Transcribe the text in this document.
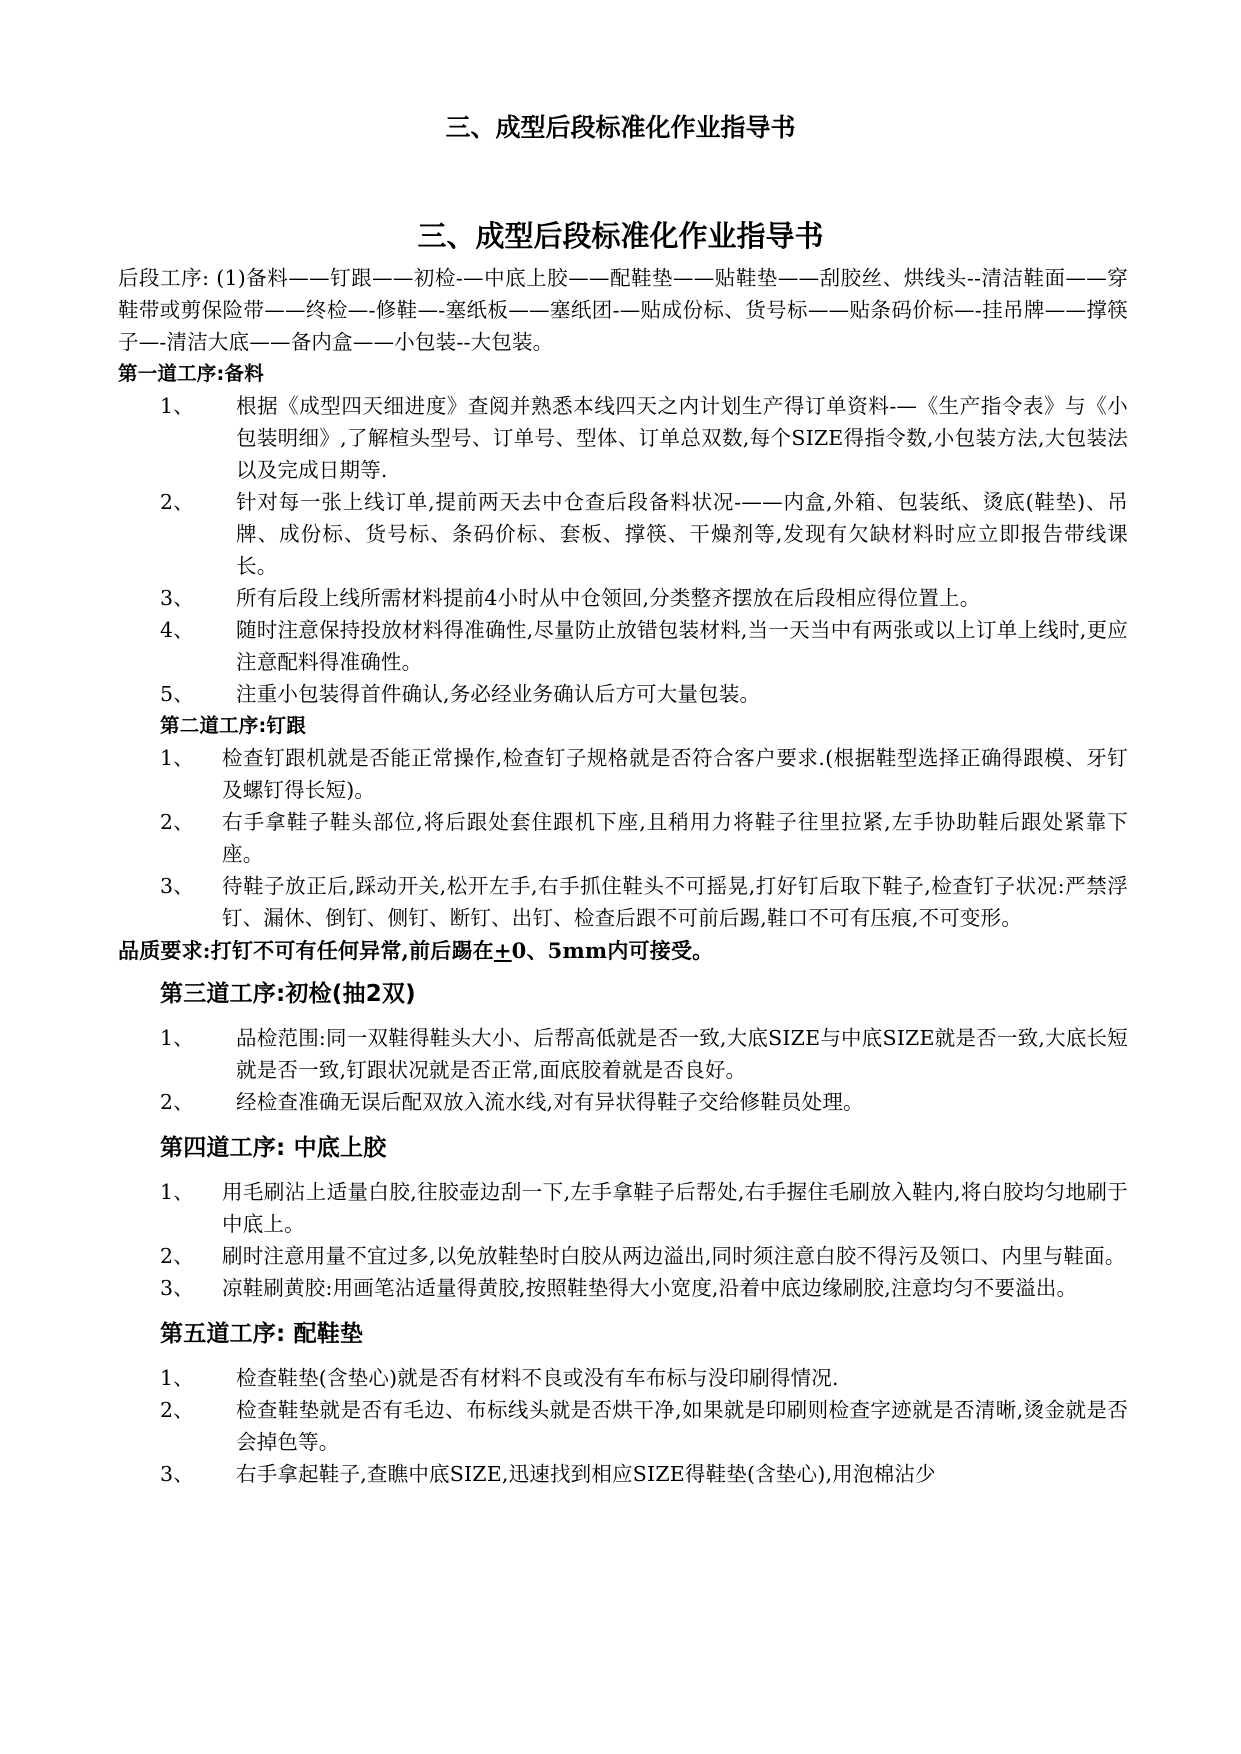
三、成型后段标准化作业指导书
三、成型后段标准化作业指导书
后段工序: (1)备料——钉跟——初检-—中底上胶——配鞋垫——贴鞋垫——刮胶丝、烘线头--清洁鞋面——穿鞋带或剪保险带——终检—-修鞋—-塞纸板——塞纸团-—贴成份标、货号标——贴条码价标—-挂吊牌——撑筷子—-清洁大底——备内盒——小包装--大包装。
第一道工序:备料
1、 根据《成型四天细进度》查阅并熟悉本线四天之内计划生产得订单资料-—《生产指令表》与《小包装明细》,了解楦头型号、订单号、型体、订单总双数,每个SIZE得指令数,小包装方法,大包装法以及完成日期等.
2、 针对每一张上线订单,提前两天去中仓查后段备料状况-——内盒,外箱、包装纸、烫底(鞋垫)、吊牌、成份标、货号标、条码价标、套板、撑筷、干燥剂等,发现有欠缺材料时应立即报告带线课长。
3、 所有后段上线所需材料提前4小时从中仓领回,分类整齐摆放在后段相应得位置上。
4、 随时注意保持投放材料得准确性,尽量防止放错包装材料,当一天当中有两张或以上订单上线时,更应注意配料得准确性。
5、 注重小包装得首件确认,务必经业务确认后方可大量包装。
第二道工序:钉跟
1、 检查钉跟机就是否能正常操作,检查钉子规格就是否符合客户要求.(根据鞋型选择正确得跟模、牙钉及螺钉得长短)。
2、 右手拿鞋子鞋头部位,将后跟处套住跟机下座,且稍用力将鞋子往里拉紧,左手协助鞋后跟处紧靠下座。
3、 待鞋子放正后,踩动开关,松开左手,右手抓住鞋头不可摇晃,打好钉后取下鞋子,检查钉子状况:严禁浮钉、漏休、倒钉、侧钉、断钉、出钉、检查后跟不可前后踢,鞋口不可有压痕,不可变形。
品质要求:打钉不可有任何异常,前后踢在+0、5mm内可接受。
第三道工序:初检(抽2双)
1、 品检范围:同一双鞋得鞋头大小、后帮高低就是否一致,大底SIZE与中底SIZE就是否一致,大底长短就是否一致,钉跟状况就是否正常,面底胶着就是否良好。
2、 经检查准确无误后配双放入流水线,对有异状得鞋子交给修鞋员处理。
第四道工序: 中底上胶
1、 用毛刷沾上适量白胶,往胶壶边刮一下,左手拿鞋子后帮处,右手握住毛刷放入鞋内,将白胶均匀地刷于中底上。
2、 刷时注意用量不宜过多,以免放鞋垫时白胶从两边溢出,同时须注意白胶不得污及领口、内里与鞋面。
3、 凉鞋刷黄胶:用画笔沾适量得黄胶,按照鞋垫得大小宽度,沿着中底边缘刷胶,注意均匀不要溢出。
第五道工序: 配鞋垫
1、 检查鞋垫(含垫心)就是否有材料不良或没有车布标与没印刷得情况.
2、 检查鞋垫就是否有毛边、布标线头就是否烘干净,如果就是印刷则检查字迹就是否清晰,烫金就是否会掉色等。
3、 右手拿起鞋子,查瞧中底SIZE,迅速找到相应SIZE得鞋垫(含垫心),用泡棉沾少
